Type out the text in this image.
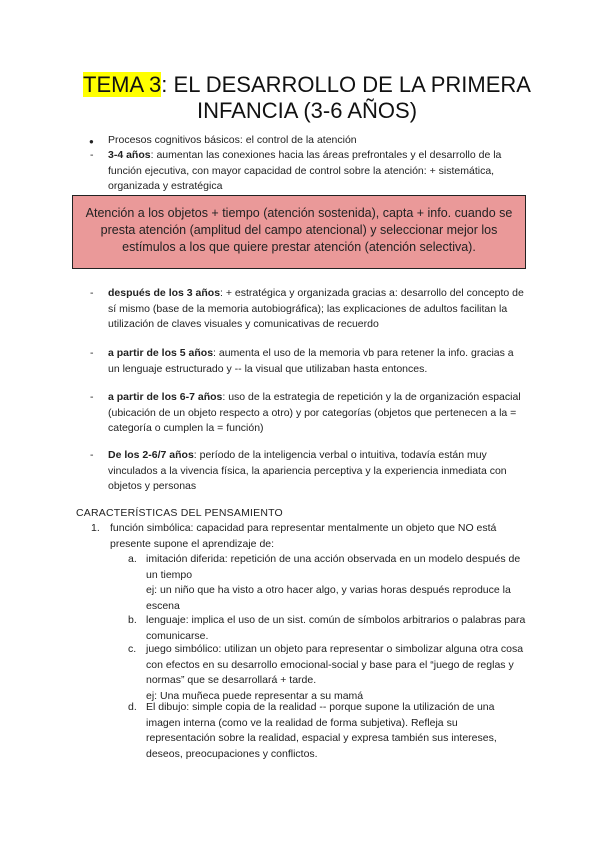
TEMA 3: EL DESARROLLO DE LA PRIMERA
INFANCIA (3-6 AÑOS)
●	Procesos cognitivos básicos: el control de la atención
-	3-4 años: aumentan las conexiones hacia las áreas prefrontales y el desarrollo de la función ejecutiva, con mayor capacidad de control sobre la atención: + sistemática, organizada y estratégica
Atención a los objetos + tiempo (atención sostenida), capta + info. cuando se presta atención (amplitud del campo atencional) y seleccionar mejor los estímulos a los que quiere prestar atención (atención selectiva).
-	después de los 3 años: + estratégica y organizada gracias a: desarrollo del concepto de sí mismo (base de la memoria autobiográfica); las explicaciones de adultos facilitan la utilización de claves visuales y comunicativas de recuerdo
-	a partir de los 5 años: aumenta el uso de la memoria vb para retener la info. gracias a un lenguaje estructurado y -- la visual que utilizaban hasta entonces.
-	a partir de los 6-7 años: uso de la estrategia de repetición y la de organización espacial (ubicación de un objeto respecto a otro) y por categorías (objetos que pertenecen a la = categoría o cumplen la = función)
-	De los 2-6/7 años: período de la inteligencia verbal o intuitiva, todavía están muy vinculados a la vivencia física, la apariencia perceptiva y la experiencia inmediata con objetos y personas
CARACTERÍSTICAS DEL PENSAMIENTO
1. función simbólica: capacidad para representar mentalmente un objeto que NO está presente supone el aprendizaje de:
a. imitación diferida: repetición de una acción observada en un modelo después de un tiempo
ej: un niño que ha visto a otro hacer algo, y varias horas después reproduce la escena
b. lenguaje: implica el uso de un sist. común de símbolos arbitrarios o palabras para comunicarse.
c. juego simbólico: utilizan un objeto para representar o simbolizar alguna otra cosa con efectos en su desarrollo emocional-social y base para el “juego de reglas y normas” que se desarrollará + tarde.
ej: Una muñeca puede representar a su mamá
d. El dibujo: simple copia de la realidad -- porque supone la utilización de una imagen interna (como ve la realidad de forma subjetiva). Refleja su representación sobre la realidad, espacial y expresa también sus intereses, deseos, preocupaciones y conflictos.
